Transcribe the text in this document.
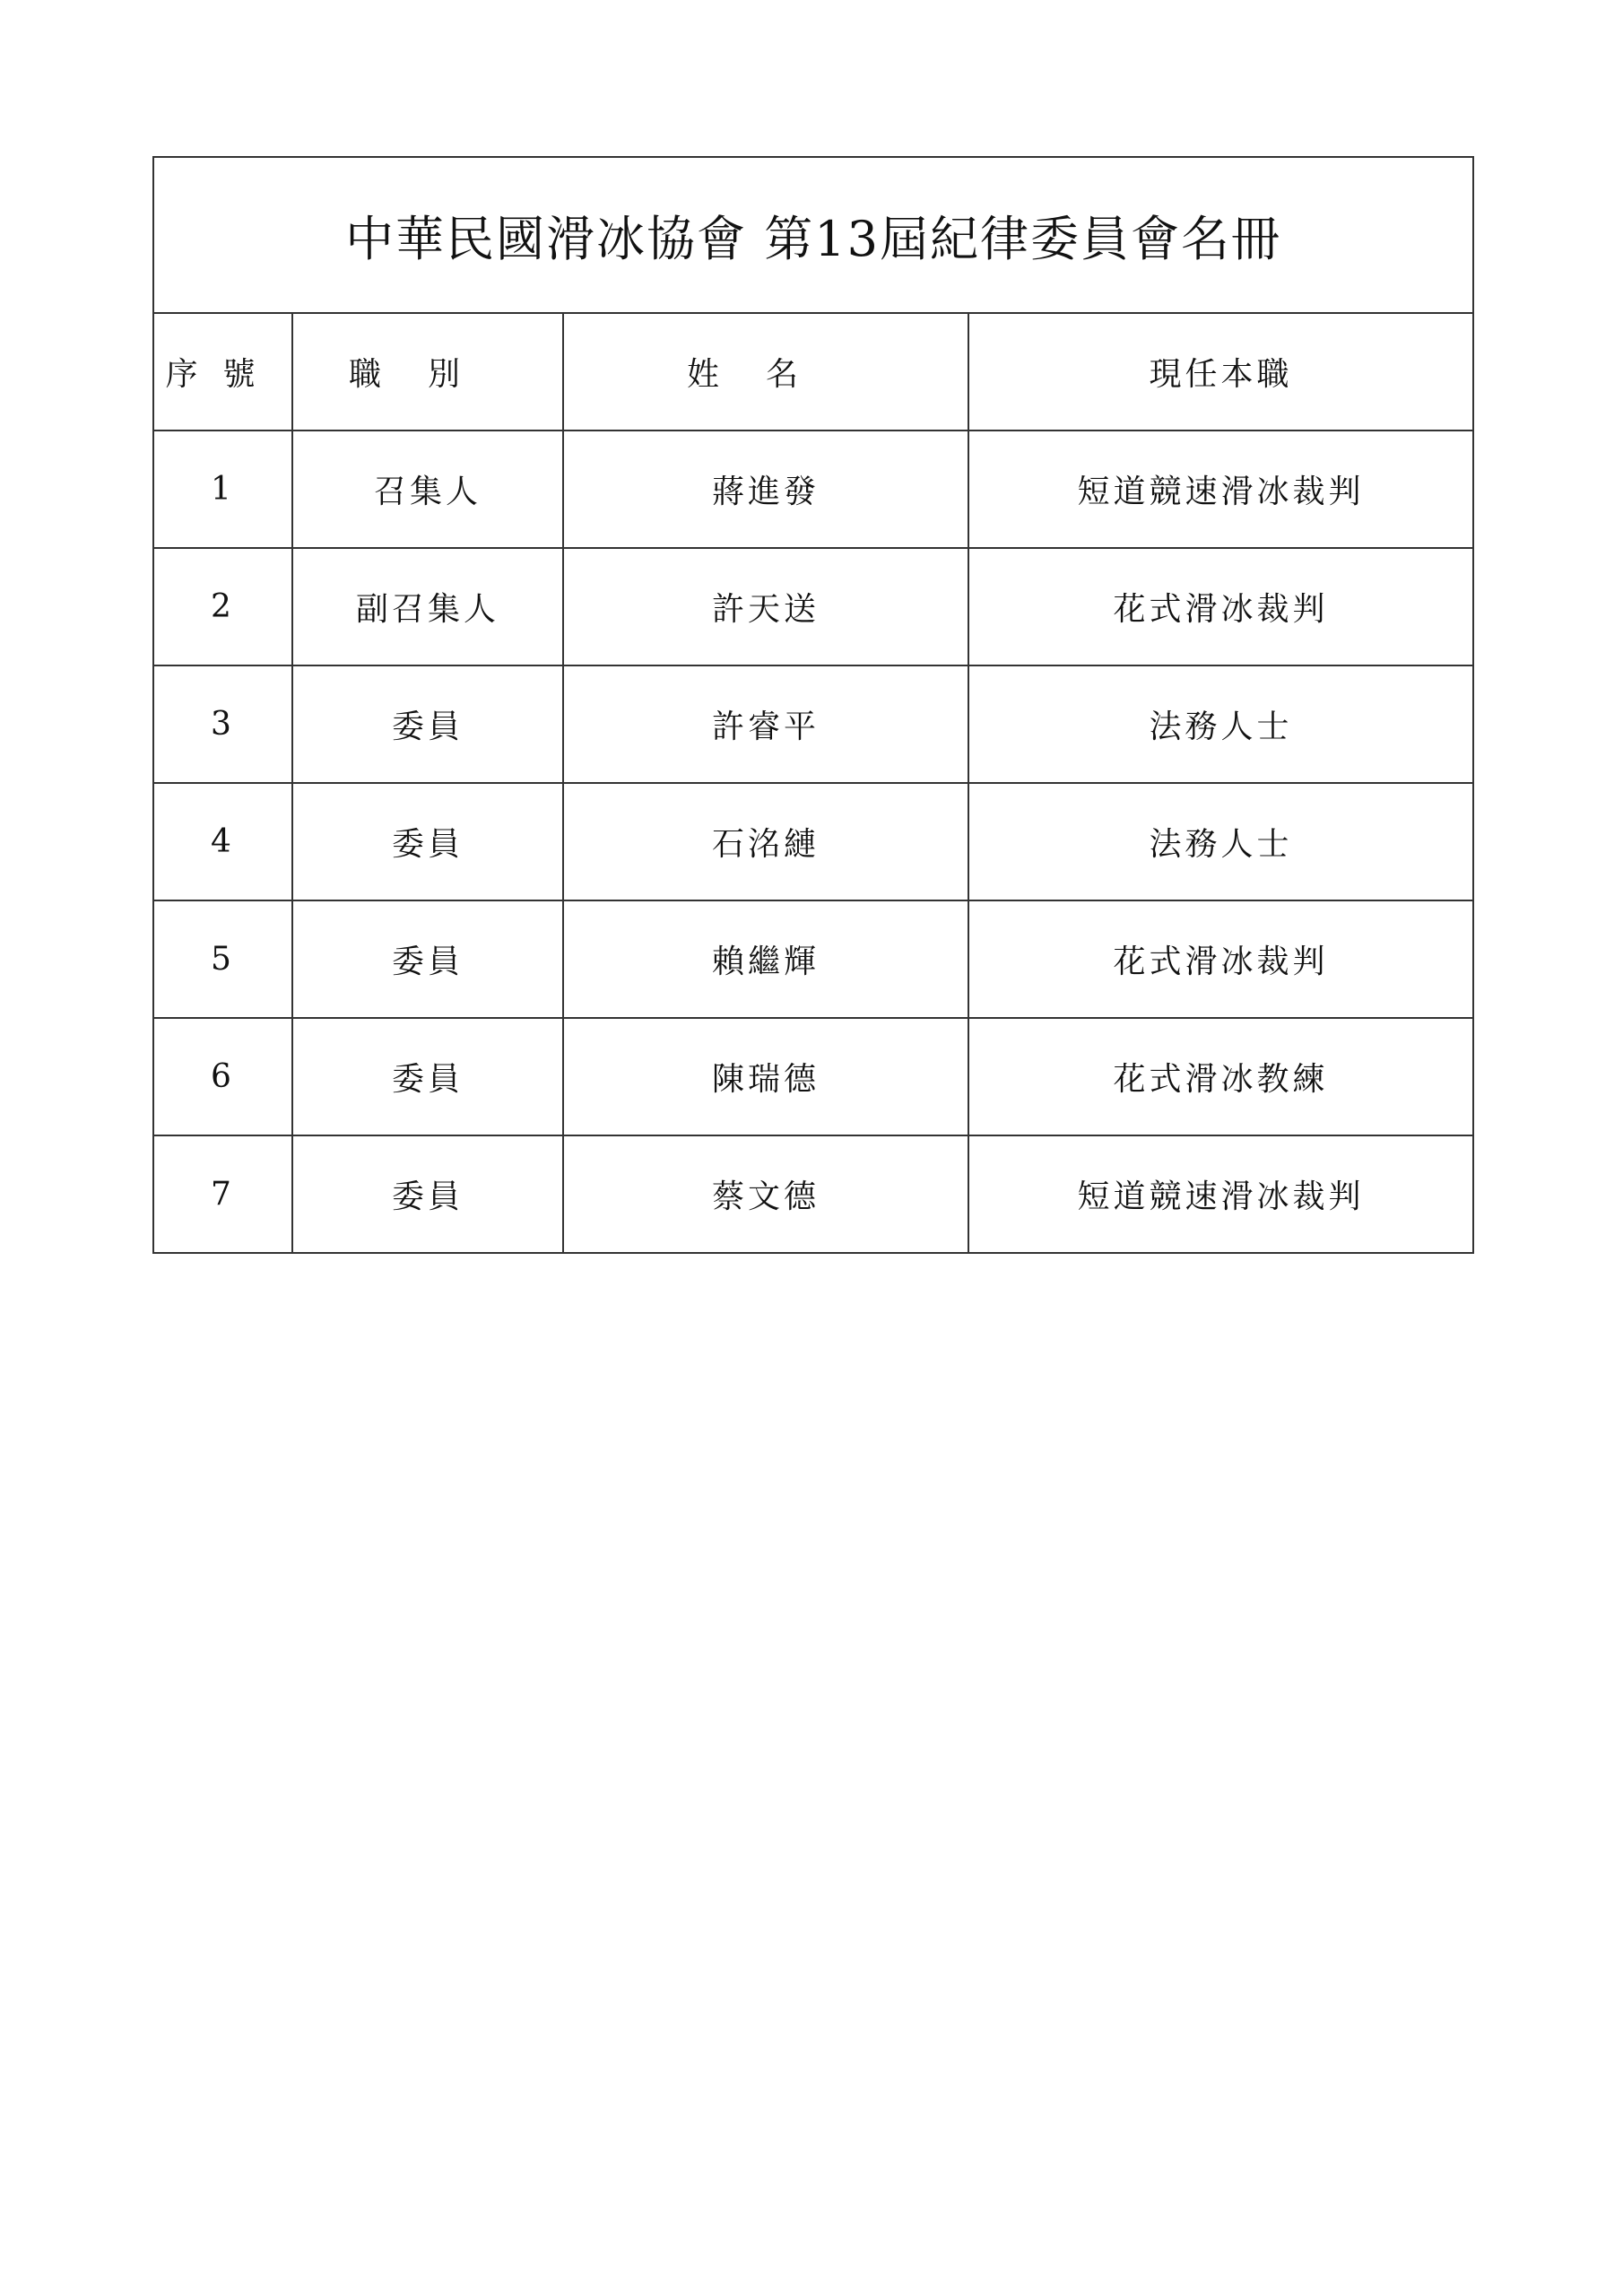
中華民國滑冰協會 第13屆紀律委員會名冊			
序號	職別	姓名	現任本職
1	召集人	蔣進發	短道競速滑冰裁判
2	副召集人	許天送	花式滑冰裁判
3	委員	許睿平	法務人士
4	委員	石洺縺	法務人士
5	委員	賴繼輝	花式滑冰裁判
6	委員	陳瑞德	花式滑冰教練
7	委員	蔡文德	短道競速滑冰裁判
